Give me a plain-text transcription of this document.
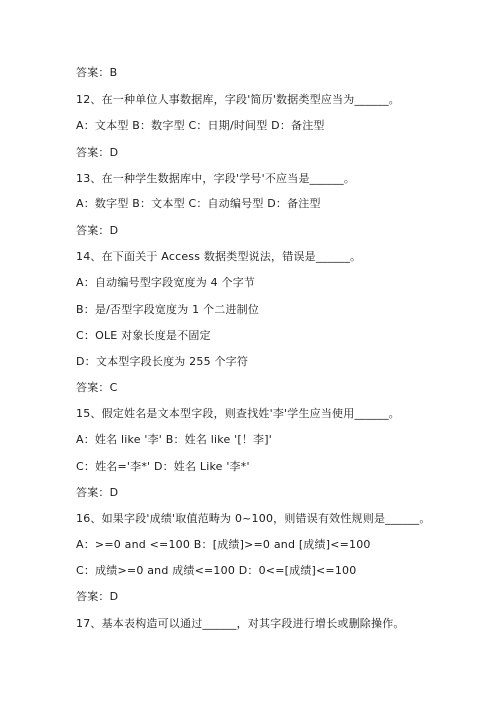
答案：B
12、在一种单位人事数据库，字段'简历'数据类型应当为______。
A：文本型 B：数字型 C：日期/时间型 D：备注型
答案：D
13、在一种学生数据库中，字段'学号'不应当是______。
A：数字型 B：文本型 C：自动编号型 D：备注型
答案：D
14、在下面关于 Access 数据类型说法，错误是______。
A：自动编号型字段宽度为 4 个字节
B：是/否型字段宽度为 1 个二进制位
C：OLE 对象长度是不固定
D：文本型字段长度为 255 个字符
答案：C
15、假定姓名是文本型字段，则查找姓'李'学生应当使用______。
A：姓名 like '李' B：姓名 like '[！李]'
C：姓名='李*' D：姓名 Like '李*'
答案：D
16、如果字段'成绩'取值范畴为 0~100，则错误有效性规则是______。
A：>=0 and <=100 B：[成绩]>=0 and [成绩]<=100
C：成绩>=0 and 成绩<=100 D：0<=[成绩]<=100
答案：D
17、基本表构造可以通过______，对其字段进行增长或删除操作。
